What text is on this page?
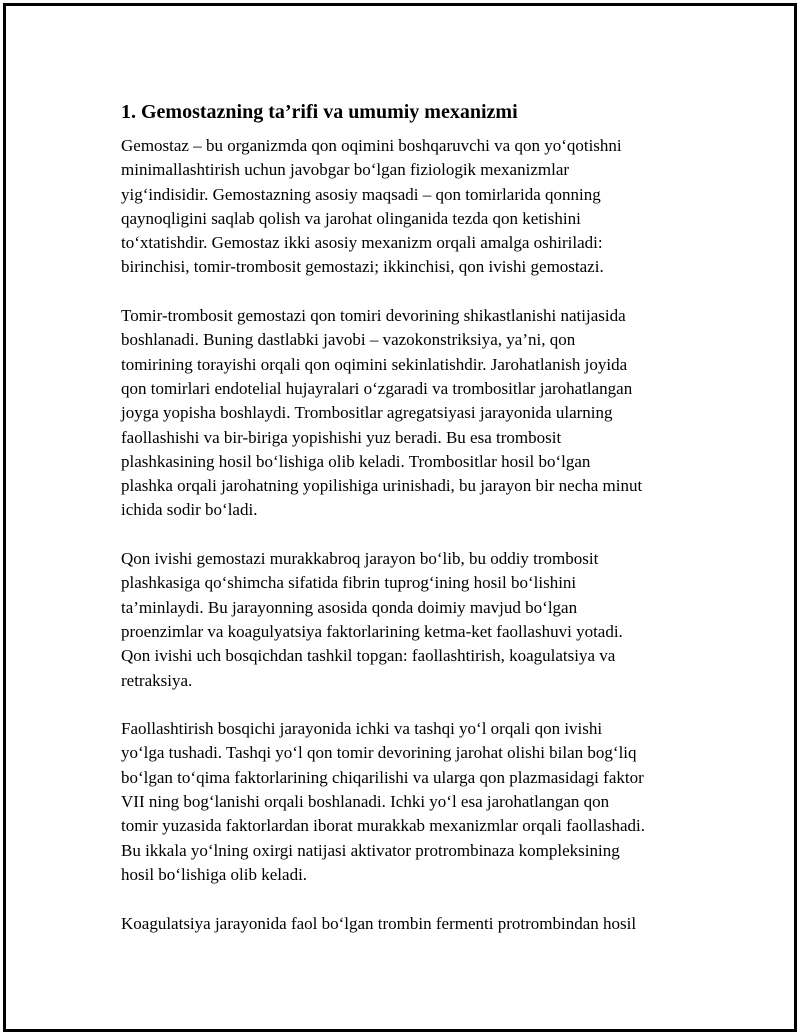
1. Gemostazning ta’rifi va umumiy mexanizmi
Gemostaz – bu organizmda qon oqimini boshqaruvchi va qon yo‘qotishni
minimallashtirish uchun javobgar bo‘lgan fiziologik mexanizmlar
yig‘indisidir. Gemostazning asosiy maqsadi – qon tomirlarida qonning
qaynoqligini saqlab qolish va jarohat olinganida tezda qon ketishini
to‘xtatishdir. Gemostaz ikki asosiy mexanizm orqali amalga oshiriladi:
birinchisi, tomir-trombosit gemostazi; ikkinchisi, qon ivishi gemostazi.
Tomir-trombosit gemostazi qon tomiri devorining shikastlanishi natijasida
boshlanadi. Buning dastlabki javobi – vazokonstriksiya, ya’ni, qon
tomirining torayishi orqali qon oqimini sekinlatishdir. Jarohatlanish joyida
qon tomirlari endotelial hujayralari o‘zgaradi va trombositlar jarohatlangan
joyga yopisha boshlaydi. Trombositlar agregatsiyasi jarayonida ularning
faollashishi va bir-biriga yopishishi yuz beradi. Bu esa trombosit
plashkasining hosil bo‘lishiga olib keladi. Trombositlar hosil bo‘lgan
plashka orqali jarohatning yopilishiga urinishadi, bu jarayon bir necha minut
ichida sodir bo‘ladi.
Qon ivishi gemostazi murakkabroq jarayon bo‘lib, bu oddiy trombosit
plashkasiga qo‘shimcha sifatida fibrin tuprog‘ining hosil bo‘lishini
ta’minlaydi. Bu jarayonning asosida qonda doimiy mavjud bo‘lgan
proenzimlar va koagulyatsiya faktorlarining ketma-ket faollashuvi yotadi.
Qon ivishi uch bosqichdan tashkil topgan: faollashtirish, koagulatsiya va
retraksiya.
Faollashtirish bosqichi jarayonida ichki va tashqi yo‘l orqali qon ivishi
yo‘lga tushadi. Tashqi yo‘l qon tomir devorining jarohat olishi bilan bog‘liq
bo‘lgan to‘qima faktorlarining chiqarilishi va ularga qon plazmasidagi faktor
VII ning bog‘lanishi orqali boshlanadi. Ichki yo‘l esa jarohatlangan qon
tomir yuzasida faktorlardan iborat murakkab mexanizmlar orqali faollashadi.
Bu ikkala yo‘lning oxirgi natijasi aktivator protrombinaza kompleksining
hosil bo‘lishiga olib keladi.
Koagulatsiya jarayonida faol bo‘lgan trombin fermenti protrombindan hosil
